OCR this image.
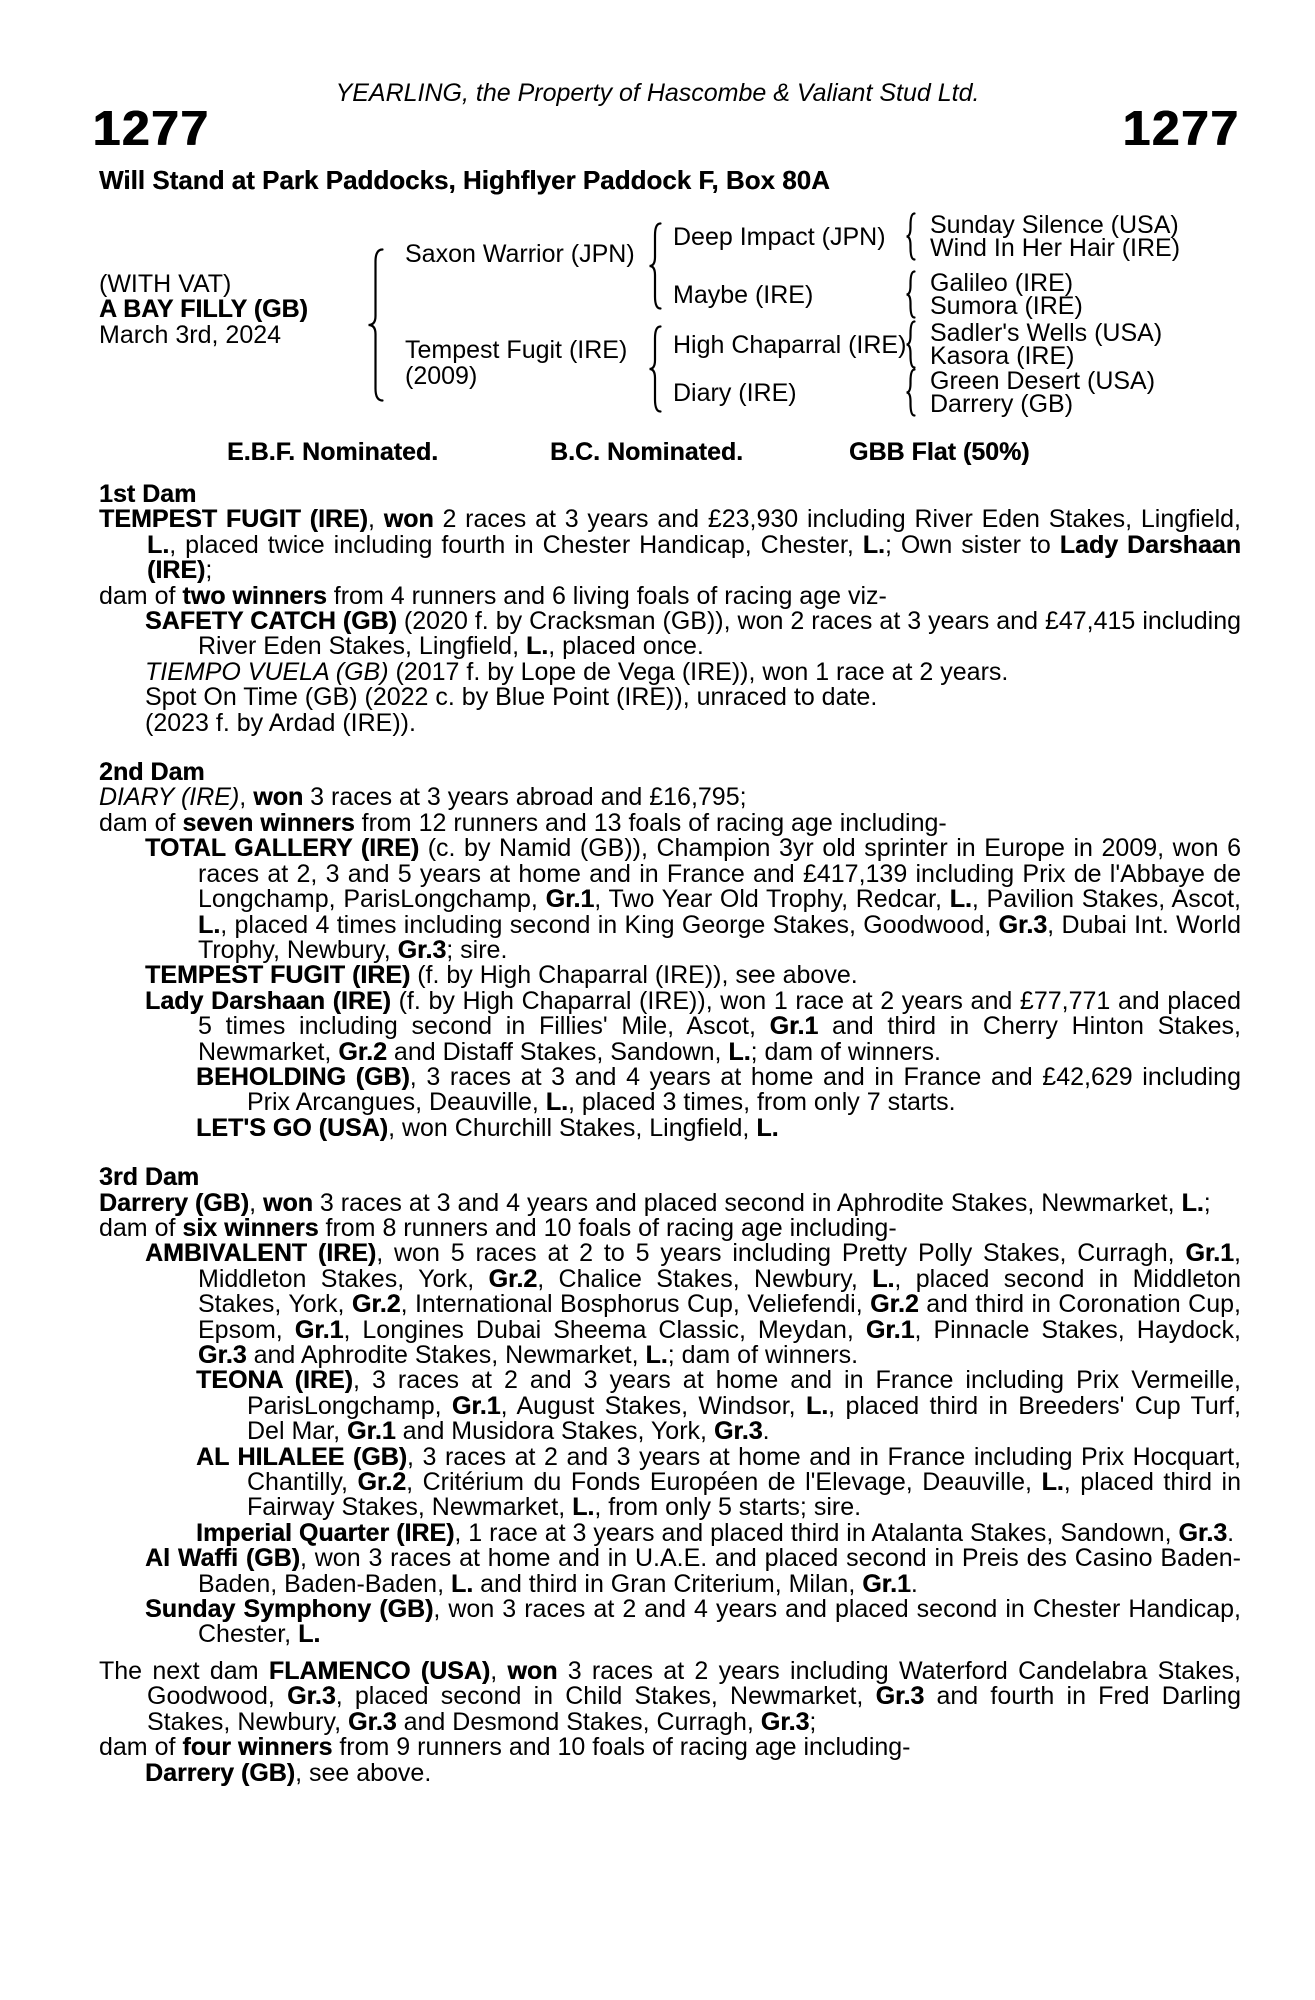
YEARLING, the Property of Hascombe & Valiant Stud Ltd.
1277	1277
Will Stand at Park Paddocks, Highflyer Paddock F, Box 80A
(WITH VAT)
A BAY FILLY (GB)
March 3rd, 2024
Saxon Warrior (JPN)
Tempest Fugit (IRE)
(2009)
Deep Impact (JPN)
Maybe (IRE)
High Chaparral (IRE)
Diary (IRE)
Sunday Silence (USA)
Wind In Her Hair (IRE)
Galileo (IRE)
Sumora (IRE)
Sadler's Wells (USA)
Kasora (IRE)
Green Desert (USA)
Darrery (GB)
E.B.F. Nominated.	B.C. Nominated.	GBB Flat (50%)
1st Dam

TEMPEST FUGIT (IRE), won 2 races at 3 years and £23,930 including River Eden Stakes, Lingfield, L., placed twice including fourth in Chester Handicap, Chester, L.; Own sister to Lady Darshaan (IRE);

dam of two winners from 4 runners and 6 living foals of racing age viz-

SAFETY CATCH (GB) (2020 f. by Cracksman (GB)), won 2 races at 3 years and £47,415 including River Eden Stakes, Lingfield, L., placed once.

TIEMPO VUELA (GB) (2017 f. by Lope de Vega (IRE)), won 1 race at 2 years.

Spot On Time (GB) (2022 c. by Blue Point (IRE)), unraced to date.

(2023 f. by Ardad (IRE)).

2nd Dam

DIARY (IRE), won 3 races at 3 years abroad and £16,795;

dam of seven winners from 12 runners and 13 foals of racing age including-

TOTAL GALLERY (IRE) (c. by Namid (GB)), Champion 3yr old sprinter in Europe in 2009, won 6 races at 2, 3 and 5 years at home and in France and £417,139 including Prix de l'Abbaye de Longchamp, ParisLongchamp, Gr.1, Two Year Old Trophy, Redcar, L., Pavilion Stakes, Ascot, L., placed 4 times including second in King George Stakes, Goodwood, Gr.3, Dubai Int. World Trophy, Newbury, Gr.3; sire.

TEMPEST FUGIT (IRE) (f. by High Chaparral (IRE)), see above.

Lady Darshaan (IRE) (f. by High Chaparral (IRE)), won 1 race at 2 years and £77,771 and placed 5 times including second in Fillies' Mile, Ascot, Gr.1 and third in Cherry Hinton Stakes, Newmarket, Gr.2 and Distaff Stakes, Sandown, L.; dam of winners.

BEHOLDING (GB), 3 races at 3 and 4 years at home and in France and £42,629 including Prix Arcangues, Deauville, L., placed 3 times, from only 7 starts.

LET'S GO (USA), won Churchill Stakes, Lingfield, L.

3rd Dam

Darrery (GB), won 3 races at 3 and 4 years and placed second in Aphrodite Stakes, Newmarket, L.;

dam of six winners from 8 runners and 10 foals of racing age including-

AMBIVALENT (IRE), won 5 races at 2 to 5 years including Pretty Polly Stakes, Curragh, Gr.1, Middleton Stakes, York, Gr.2, Chalice Stakes, Newbury, L., placed second in Middleton Stakes, York, Gr.2, International Bosphorus Cup, Veliefendi, Gr.2 and third in Coronation Cup, Epsom, Gr.1, Longines Dubai Sheema Classic, Meydan, Gr.1, Pinnacle Stakes, Haydock, Gr.3 and Aphrodite Stakes, Newmarket, L.; dam of winners.

TEONA (IRE), 3 races at 2 and 3 years at home and in France including Prix Vermeille, ParisLongchamp, Gr.1, August Stakes, Windsor, L., placed third in Breeders' Cup Turf, Del Mar, Gr.1 and Musidora Stakes, York, Gr.3.

AL HILALEE (GB), 3 races at 2 and 3 years at home and in France including Prix Hocquart, Chantilly, Gr.2, Critérium du Fonds Européen de l'Elevage, Deauville, L., placed third in Fairway Stakes, Newmarket, L., from only 5 starts; sire.

Imperial Quarter (IRE), 1 race at 3 years and placed third in Atalanta Stakes, Sandown, Gr.3.

Al Waffi (GB), won 3 races at home and in U.A.E. and placed second in Preis des Casino Baden-Baden, Baden-Baden, L. and third in Gran Criterium, Milan, Gr.1.

Sunday Symphony (GB), won 3 races at 2 and 4 years and placed second in Chester Handicap, Chester, L.

The next dam FLAMENCO (USA), won 3 races at 2 years including Waterford Candelabra Stakes, Goodwood, Gr.3, placed second in Child Stakes, Newmarket, Gr.3 and fourth in Fred Darling Stakes, Newbury, Gr.3 and Desmond Stakes, Curragh, Gr.3;

dam of four winners from 9 runners and 10 foals of racing age including-

Darrery (GB), see above.
